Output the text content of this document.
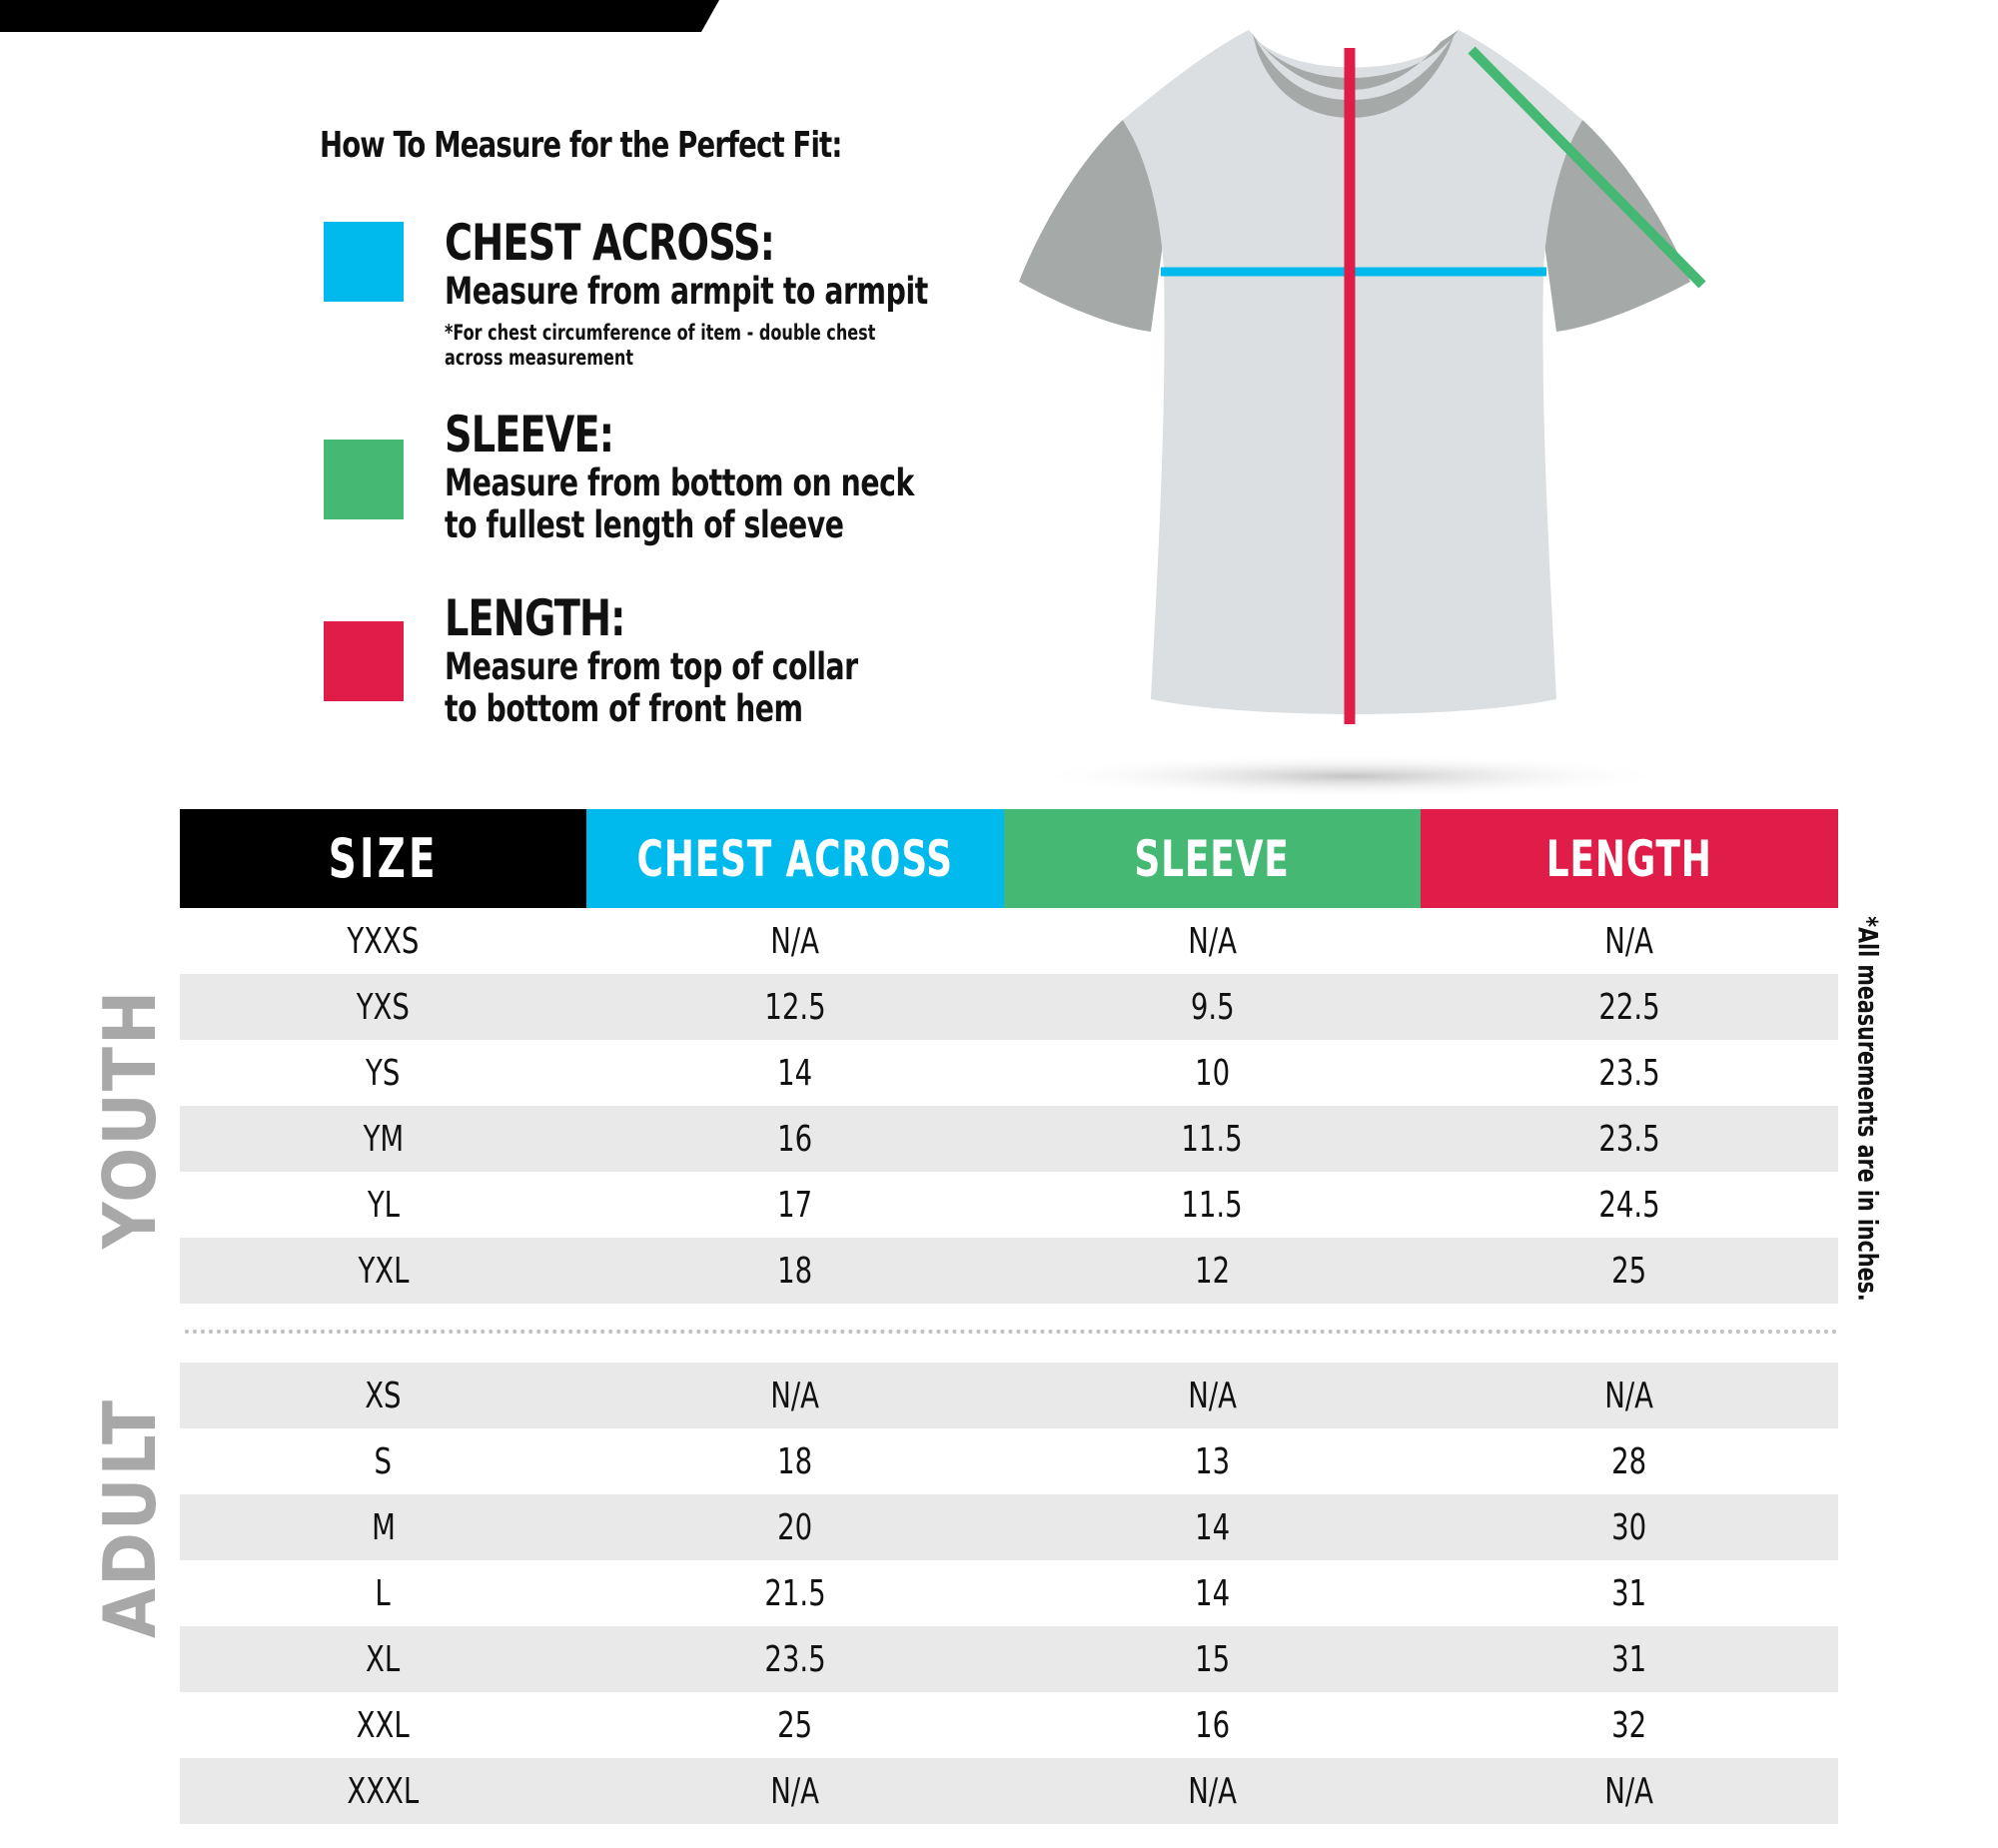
How To Measure for the Perfect Fit:
CHEST ACROSS:
Measure from armpit to armpit
*For chest circumference of item - double chest
across measurement
SLEEVE:
Measure from bottom on neck
to fullest length of sleeve
LENGTH:
Measure from top of collar
to bottom of front hem
SIZE	CHEST ACROSS	SLEEVE	LENGTH
YXXS	N/A	N/A	N/A
YXS	12.5	9.5	22.5
YS	14	10	23.5
YM	16	11.5	23.5
YL	17	11.5	24.5
YXL	18	12	25
XS	N/A	N/A	N/A
S	18	13	28
M	20	14	30
L	21.5	14	31
XL	23.5	15	31
XXL	25	16	32
XXXL	N/A	N/A	N/A
YOUTH
ADULT
*All measurements are in inches.
